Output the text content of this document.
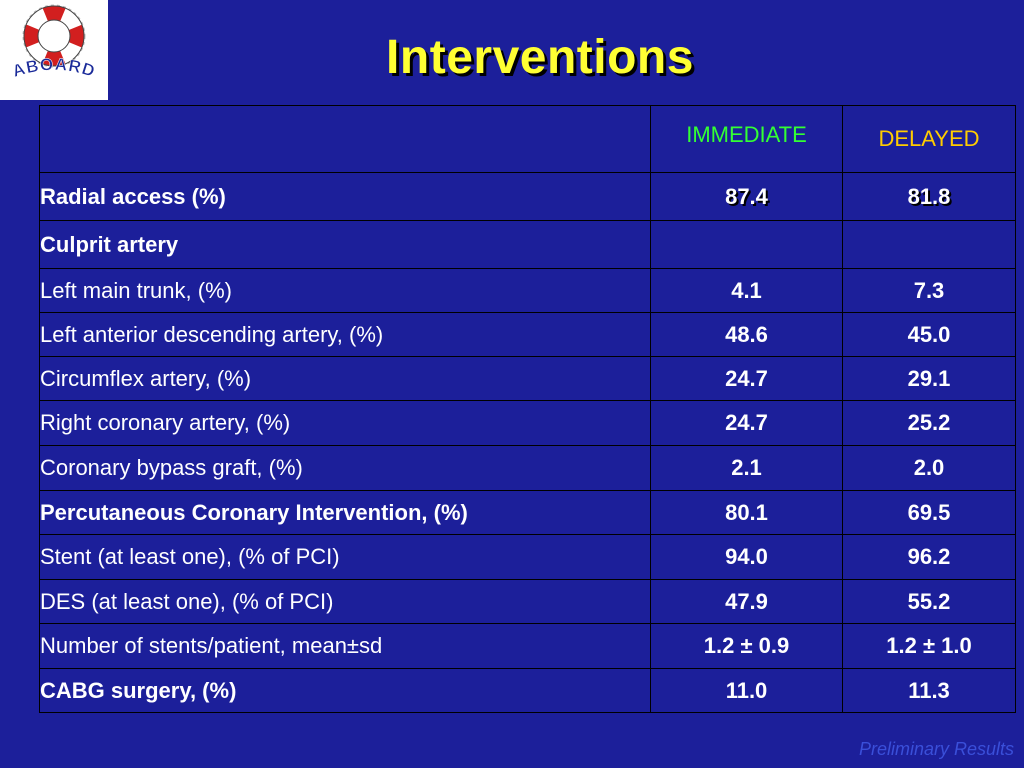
ABOARD	Interventions
	IMMEDIATE	DELAYED
Radial access (%)	87.4	81.8
Culprit artery		
Left main trunk, (%)	4.1	7.3
Left anterior descending artery, (%)	48.6	45.0
Circumflex artery, (%)	24.7	29.1
Right coronary artery, (%)	24.7	25.2
Coronary bypass graft, (%)	2.1	2.0
Percutaneous Coronary Intervention, (%)	80.1	69.5
Stent (at least one), (% of PCI)	94.0	96.2
DES (at least one), (% of PCI)	47.9	55.2
Number of stents/patient, mean±sd	1.2 ± 0.9	1.2 ± 1.0
CABG surgery, (%)	11.0	11.3
Preliminary Results
